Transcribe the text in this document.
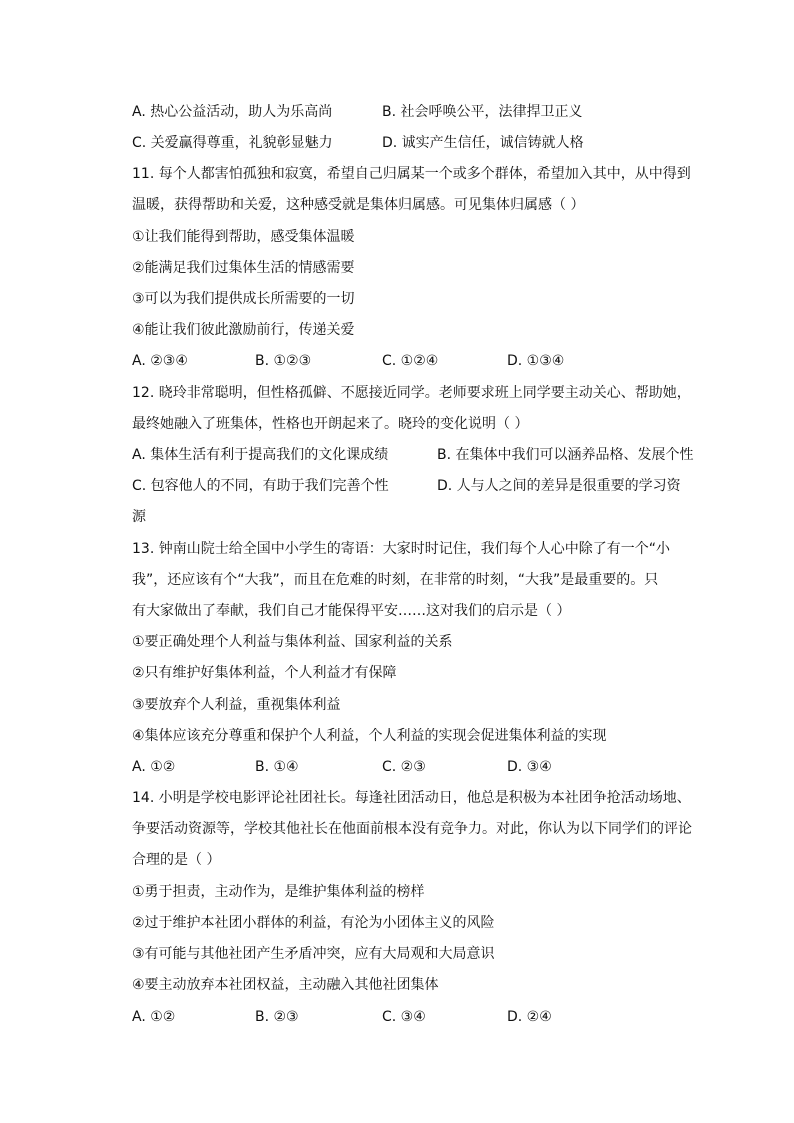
A. 热心公益活动，助人为乐高尚	B. 社会呼唤公平，法律捍卫正义
C. 关爱赢得尊重，礼貌彰显魅力	D. 诚实产生信任，诚信铸就人格
11. 每个人都害怕孤独和寂寞，希望自己归属某一个或多个群体，希望加入其中，从中得到
温暖，获得帮助和关爱，这种感受就是集体归属感。可见集体归属感（ ）
①让我们能得到帮助，感受集体温暖
②能满足我们过集体生活的情感需要
③可以为我们提供成长所需要的一切
④能让我们彼此激励前行，传递关爱
A. ②③④	B. ①②③	C. ①②④	D. ①③④
12. 晓玲非常聪明，但性格孤僻、不愿接近同学。老师要求班上同学要主动关心、帮助她，
最终她融入了班集体，性格也开朗起来了。晓玲的变化说明（ ）
A. 集体生活有利于提高我们的文化课成绩	B. 在集体中我们可以涵养品格、发展个性
C. 包容他人的不同，有助于我们完善个性	D. 人与人之间的差异是很重要的学习资
源
13. 钟南山院士给全国中小学生的寄语：大家时时记住，我们每个人心中除了有一个“小
我”，还应该有个“大我”，而且在危难的时刻，在非常的时刻，“大我”是最重要的。只
有大家做出了奉献，我们自己才能保得平安……这对我们的启示是（ ）
①要正确处理个人利益与集体利益、国家利益的关系
②只有维护好集体利益，个人利益才有保障
③要放弃个人利益，重视集体利益
④集体应该充分尊重和保护个人利益，个人利益的实现会促进集体利益的实现
A. ①②	B. ①④	C. ②③	D. ③④
14. 小明是学校电影评论社团社长。每逢社团活动日，他总是积极为本社团争抢活动场地、
争要活动资源等，学校其他社长在他面前根本没有竞争力。对此，你认为以下同学们的评论
合理的是（ ）
①勇于担责，主动作为，是维护集体利益的榜样
②过于维护本社团小群体的利益，有沦为小团体主义的风险
③有可能与其他社团产生矛盾冲突，应有大局观和大局意识
④要主动放弃本社团权益，主动融入其他社团集体
A. ①②	B. ②③	C. ③④	D. ②④
